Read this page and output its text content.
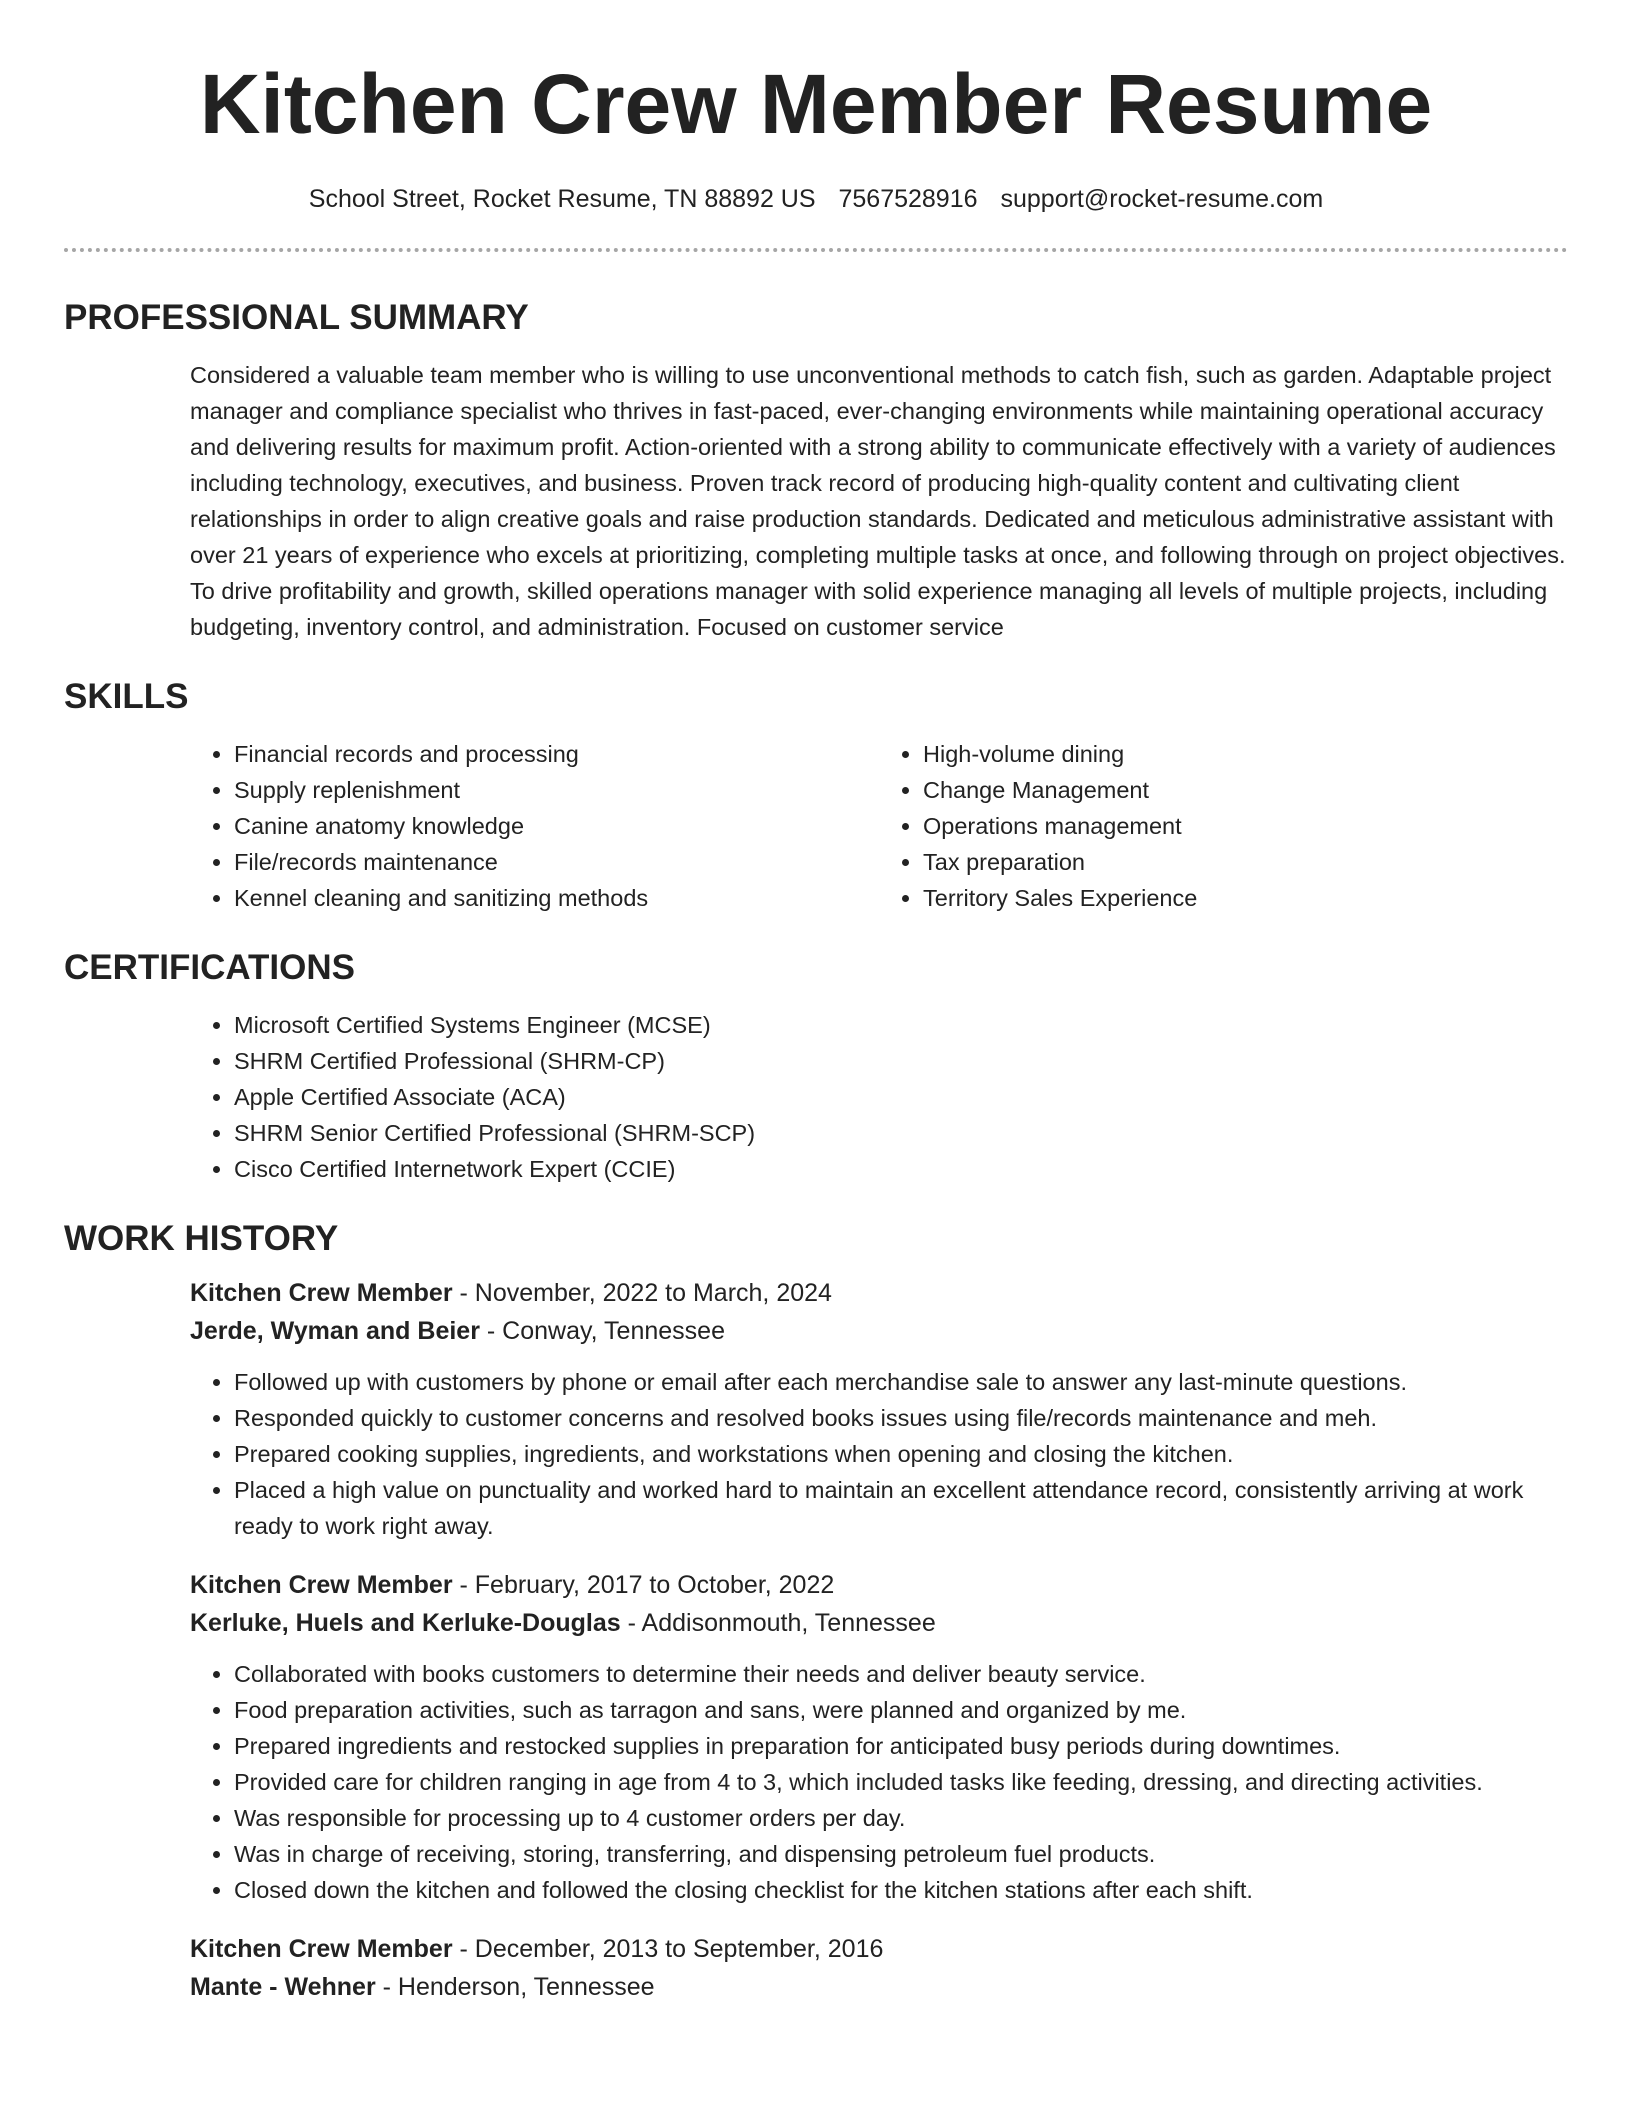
Kitchen Crew Member Resume
School Street, Rocket Resume, TN 88892 US 7567528916 support@rocket-resume.com
PROFESSIONAL SUMMARY

Considered a valuable team member who is willing to use unconventional methods to catch fish, such as garden. Adaptable project manager and compliance specialist who thrives in fast-paced, ever-changing environments while maintaining operational accuracy and delivering results for maximum profit. Action-oriented with a strong ability to communicate effectively with a variety of audiences including technology, executives, and business. Proven track record of producing high-quality content and cultivating client relationships in order to align creative goals and raise production standards. Dedicated and meticulous administrative assistant with over 21 years of experience who excels at prioritizing, completing multiple tasks at once, and following through on project objectives. To drive profitability and growth, skilled operations manager with solid experience managing all levels of multiple projects, including budgeting, inventory control, and administration. Focused on customer service

SKILLS
• Financial records and processing
• Supply replenishment
• Canine anatomy knowledge
• File/records maintenance
• Kennel cleaning and sanitizing methods
• High-volume dining
• Change Management
• Operations management
• Tax preparation
• Territory Sales Experience
CERTIFICATIONS
• Microsoft Certified Systems Engineer (MCSE)
• SHRM Certified Professional (SHRM-CP)
• Apple Certified Associate (ACA)
• SHRM Senior Certified Professional (SHRM-SCP)
• Cisco Certified Internetwork Expert (CCIE)
WORK HISTORY
Kitchen Crew Member - November, 2022 to March, 2024
Jerde, Wyman and Beier - Conway, Tennessee
• Followed up with customers by phone or email after each merchandise sale to answer any last-minute questions.
• Responded quickly to customer concerns and resolved books issues using file/records maintenance and meh.
• Prepared cooking supplies, ingredients, and workstations when opening and closing the kitchen.
• Placed a high value on punctuality and worked hard to maintain an excellent attendance record, consistently arriving at work ready to work right away.
Kitchen Crew Member - February, 2017 to October, 2022
Kerluke, Huels and Kerluke-Douglas - Addisonmouth, Tennessee
• Collaborated with books customers to determine their needs and deliver beauty service.
• Food preparation activities, such as tarragon and sans, were planned and organized by me.
• Prepared ingredients and restocked supplies in preparation for anticipated busy periods during downtimes.
• Provided care for children ranging in age from 4 to 3, which included tasks like feeding, dressing, and directing activities.
• Was responsible for processing up to 4 customer orders per day.
• Was in charge of receiving, storing, transferring, and dispensing petroleum fuel products.
• Closed down the kitchen and followed the closing checklist for the kitchen stations after each shift.
Kitchen Crew Member - December, 2013 to September, 2016
Mante - Wehner - Henderson, Tennessee
